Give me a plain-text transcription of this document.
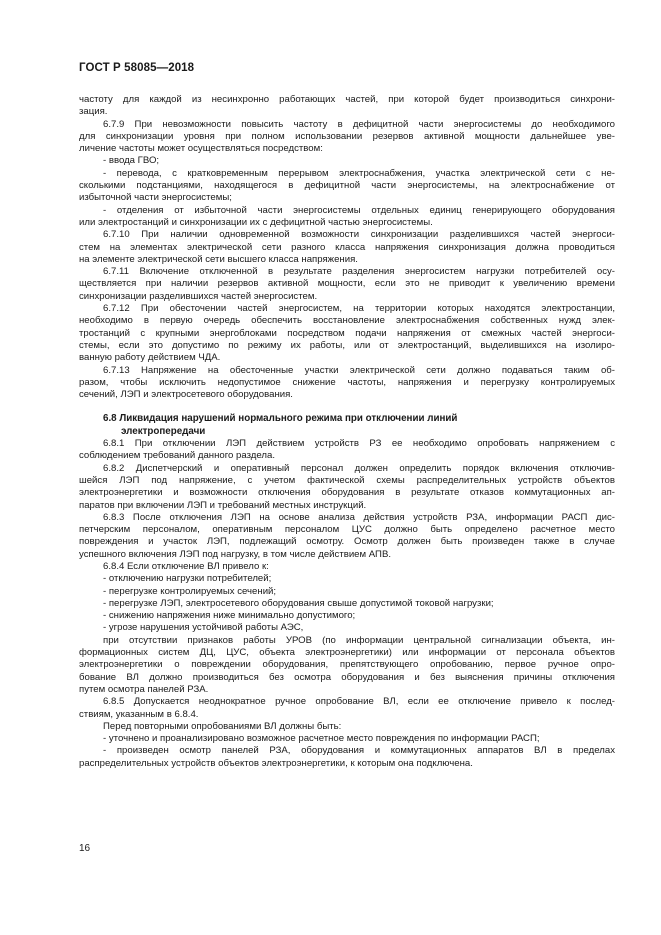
ГОСТ Р 58085—2018
частоту для каждой из несинхронно работающих частей, при которой будет производиться синхрони-
зация.
6.7.9 При невозможности повысить частоту в дефицитной части энергосистемы до необходимого
для синхронизации уровня при полном использовании резервов активной мощности дальнейшее уве-
личение частоты может осуществляться посредством:
- ввода ГВО;
- перевода, с кратковременным перерывом электроснабжения, участка электрической сети с не-
сколькими подстанциями, находящегося в дефицитной части энергосистемы, на электроснабжение от
избыточной части энергосистемы;
- отделения от избыточной части энергосистемы отдельных единиц генерирующего оборудования
или электростанций и синхронизации их с дефицитной частью энергосистемы.
6.7.10 При наличии одновременной возможности синхронизации разделившихся частей энергоси-
стем на элементах электрической сети разного класса напряжения синхронизация должна проводиться
на элементе электрической сети высшего класса напряжения.
6.7.11 Включение отключенной в результате разделения энергосистем нагрузки потребителей осу-
ществляется при наличии резервов активной мощности, если это не приводит к увеличению времени
синхронизации разделившихся частей энергосистем.
6.7.12 При обесточении частей энергосистем, на территории которых находятся электростанции,
необходимо в первую очередь обеспечить восстановление электроснабжения собственных нужд элек-
тростанций с крупными энергоблоками посредством подачи напряжения от смежных частей энергоси-
стемы, если это допустимо по режиму их работы, или от электростанций, выделившихся на изолиро-
ванную работу действием ЧДА.
6.7.13 Напряжение на обесточенные участки электрической сети должно подаваться таким об-
разом, чтобы исключить недопустимое снижение частоты, напряжения и перегрузку контролируемых
сечений, ЛЭП и электросетевого оборудования.
6.8 Ликвидация нарушений нормального режима при отключении линий
электропередачи
6.8.1 При отключении ЛЭП действием устройств РЗ ее необходимо опробовать напряжением с
соблюдением требований данного раздела.
6.8.2 Диспетчерский и оперативный персонал должен определить порядок включения отключив-
шейся ЛЭП под напряжение, с учетом фактической схемы распределительных устройств объектов
электроэнергетики и возможности отключения оборудования в результате отказов коммутационных ап-
паратов при включении ЛЭП и требований местных инструкций.
6.8.3 После отключения ЛЭП на основе анализа действия устройств РЗА, информации РАСП дис-
петчерским персоналом, оперативным персоналом ЦУС должно быть определено расчетное место
повреждения и участок ЛЭП, подлежащий осмотру. Осмотр должен быть произведен также в случае
успешного включения ЛЭП под нагрузку, в том числе действием АПВ.
6.8.4 Если отключение ВЛ привело к:
- отключению нагрузки потребителей;
- перегрузке контролируемых сечений;
- перегрузке ЛЭП, электросетевого оборудования свыше допустимой токовой нагрузки;
- снижению напряжения ниже минимально допустимого;
- угрозе нарушения устойчивой работы АЭС,
при отсутствии признаков работы УРОВ (по информации центральной сигнализации объекта, ин-
формационных систем ДЦ, ЦУС, объекта электроэнергетики) или информации от персонала объектов
электроэнергетики о повреждении оборудования, препятствующего опробованию, первое ручное опро-
бование ВЛ должно производиться без осмотра оборудования и без выяснения причины отключения
путем осмотра панелей РЗА.
6.8.5 Допускается неоднократное ручное опробование ВЛ, если ее отключение привело к послед-
ствиям, указанным в 6.8.4.
Перед повторными опробованиями ВЛ должны быть:
- уточнено и проанализировано возможное расчетное место повреждения по информации РАСП;
- произведен осмотр панелей РЗА, оборудования и коммутационных аппаратов ВЛ в пределах
распределительных устройств объектов электроэнергетики, к которым она подключена.
16
